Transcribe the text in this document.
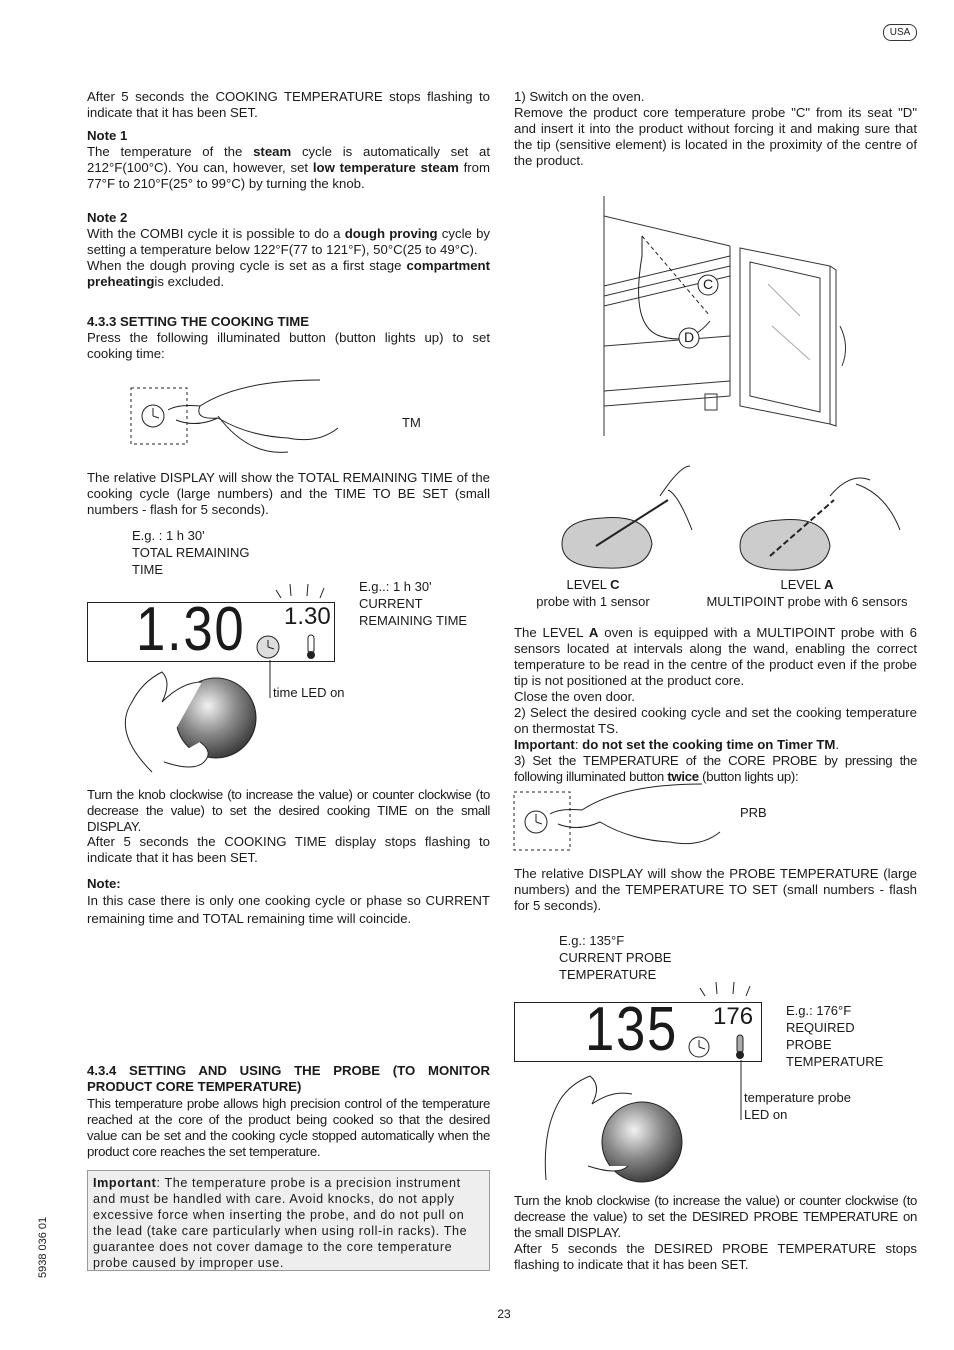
USA

After 5 seconds the COOKING TEMPERATURE stops flashing to indicate that it has been SET.

Note 1

The temperature of the steam cycle is automatically set at 212°F(100°C). You can, however, set low temperature steam from 77°F to 210°F(25° to 99°C) by turning the knob.

Note 2

With the COMBI cycle it is possible to do a dough proving cycle by setting a temperature below 122°F(77 to 121°F), 50°C(25 to 49°C).

When the dough proving cycle is set as a first stage compartment preheatingis excluded.

4.3.3 SETTING THE COOKING TIME

Press the following illuminated button (button lights up) to set cooking time:

TM
The relative DISPLAY will show the TOTAL REMAINING TIME of the cooking cycle (large numbers) and the TIME TO BE SET (small numbers - flash for 5 seconds).
E.g. : 1 h 30'
TOTAL REMAINING
TIME
E.g..: 1 h 30'
CURRENT
REMAINING TIME
1.30 1.30
time LED on
Turn the knob clockwise (to increase the value) or counter clockwise (to decrease the value) to set the desired cooking TIME on the small DISPLAY.
After 5 seconds the COOKING TIME display stops flashing to indicate that it has been SET.
Note:
In this case there is only one cooking cycle or phase so CURRENT remaining time and TOTAL remaining time will coincide.
4.3.4 SETTING AND USING THE PROBE (TO MONITOR PRODUCT CORE TEMPERATURE)
This temperature probe allows high precision control of the temperature reached at the core of the product being cooked so that the desired value can be set and the cooking cycle stopped automatically when the product core reaches the set temperature.
Important: The temperature probe is a precision instrument and must be handled with care. Avoid knocks, do not apply excessive force when inserting the probe, and do not pull on the lead (take care particularly when using roll-in racks). The guarantee does not cover damage to the core temperature probe caused by improper use.
5938 036 01

1) Switch on the oven.

Remove the product core temperature probe "C" from its seat "D" and insert it into the product without forcing it and making sure that the tip (sensitive element) is located in the proximity of the centre of the product.

C
D
LEVEL C
probe with 1 sensor
LEVEL A
MULTIPOINT probe with 6 sensors

The LEVEL A oven is equipped with a MULTIPOINT probe with 6 sensors located at intervals along the wand, enabling the correct temperature to be read in the centre of the product even if the probe tip is not positioned at the product core.

Close the oven door.

2) Select the desired cooking cycle and set the cooking temperature on thermostat TS.

Important: do not set the cooking time on Timer TM.

3) Set the TEMPERATURE of the CORE PROBE by pressing the following illuminated button twice (button lights up):

PRB
The relative DISPLAY will show the PROBE TEMPERATURE (large numbers) and the TEMPERATURE TO SET (small numbers - flash for 5 seconds).
E.g.: 135°F
CURRENT PROBE
TEMPERATURE
E.g.: 176°F
REQUIRED
PROBE
TEMPERATURE
135 176
temperature probe
LED on
Turn the knob clockwise (to increase the value) or counter clockwise (to decrease the value) to set the DESIRED PROBE TEMPERATURE on the small DISPLAY.
After 5 seconds the DESIRED PROBE TEMPERATURE stops flashing to indicate that it has been SET.
23
